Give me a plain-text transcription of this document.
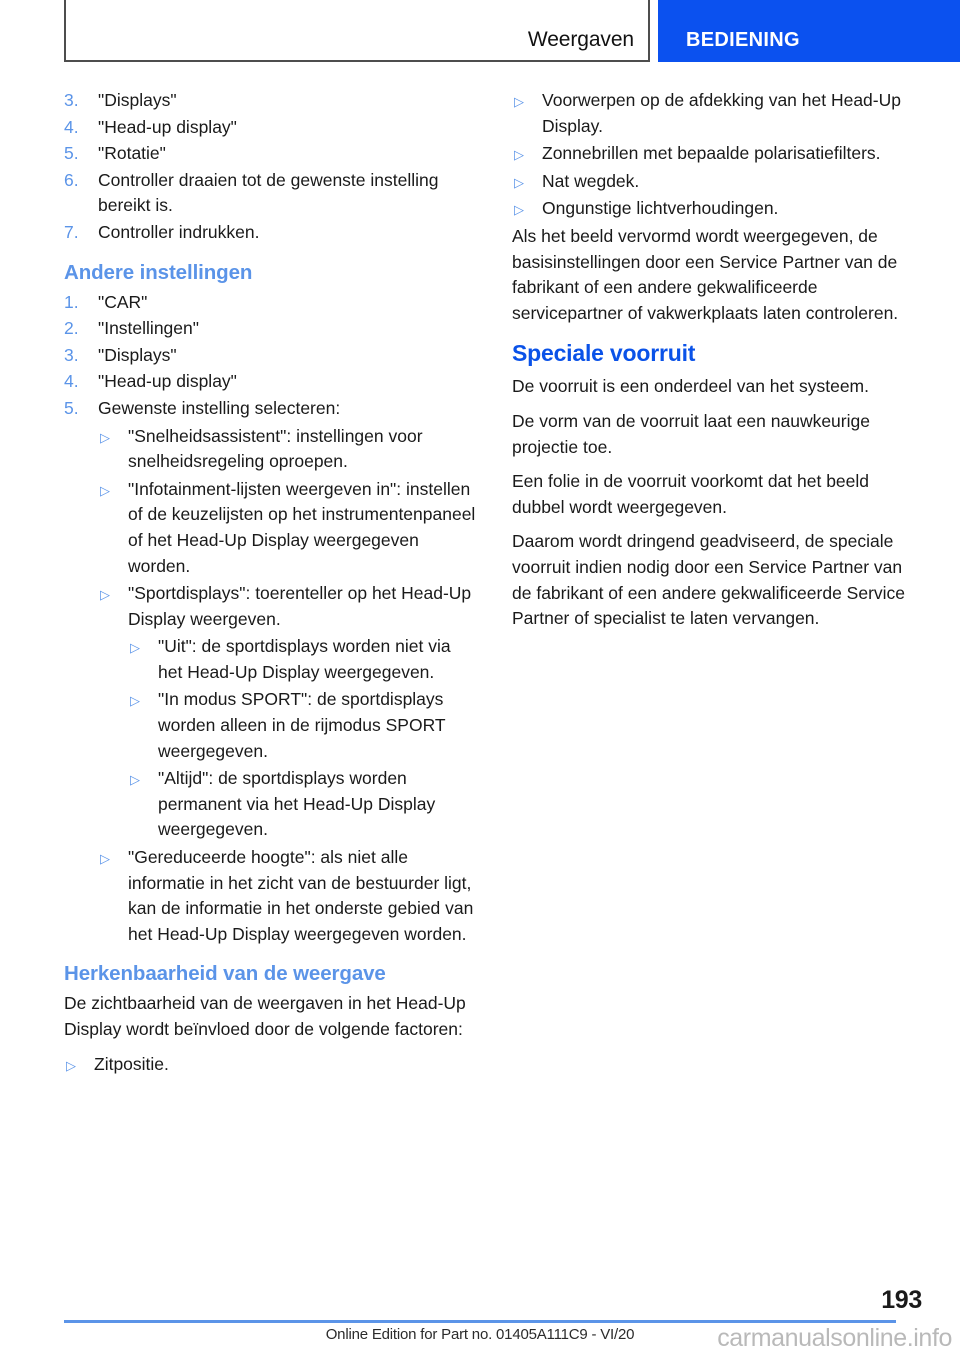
Weergaven	BEDIENING
3.	"Displays"
4.	"Head-up display"
5.	"Rotatie"
6.	Controller draaien tot de gewenste instelling bereikt is.
7.	Controller indrukken.
Andere instellingen
1.	"CAR"
2.	"Instellingen"
3.	"Displays"
4.	"Head-up display"
5.	Gewenste instelling selecteren:
▷ "Snelheidsassistent": instellingen voor snelheidsregeling oproepen.
▷ "Infotainment-lijsten weergeven in": instellen of de keuzelijsten op het instrumentenpaneel of het Head-Up Display weergegeven worden.
▷ "Sportdisplays": toerenteller op het Head-Up Display weergeven.
▷ "Uit": de sportdisplays worden niet via het Head-Up Display weergegeven.
▷ "In modus SPORT": de sportdisplays worden alleen in de rijmodus SPORT weergegeven.
▷ "Altijd": de sportdisplays worden permanent via het Head-Up Display weergegeven.
▷ "Gereduceerde hoogte": als niet alle informatie in het zicht van de bestuurder ligt, kan de informatie in het onderste gebied van het Head-Up Display weergegeven worden.
Herkenbaarheid van de weergave

De zichtbaarheid van de weergaven in het Head-Up Display wordt beïnvloed door de volgende factoren:

▷ Zitpositie.
▷ Voorwerpen op de afdekking van het Head-Up Display.
▷ Zonnebrillen met bepaalde polarisatiefilters.
▷ Nat wegdek.
▷ Ongunstige lichtverhoudingen.

Als het beeld vervormd wordt weergegeven, de basisinstellingen door een Service Partner van de fabrikant of een andere gekwalificeerde servicepartner of vakwerkplaats laten controleren.

Speciale voorruit

De voorruit is een onderdeel van het systeem.

De vorm van de voorruit laat een nauwkeurige projectie toe.

Een folie in de voorruit voorkomt dat het beeld dubbel wordt weergegeven.

Daarom wordt dringend geadviseerd, de speciale voorruit indien nodig door een Service Partner van de fabrikant of een andere gekwalificeerde Service Partner of specialist te laten vervangen.

193
Online Edition for Part no. 01405A111C9 - VI/20	carmanualsonline.info
